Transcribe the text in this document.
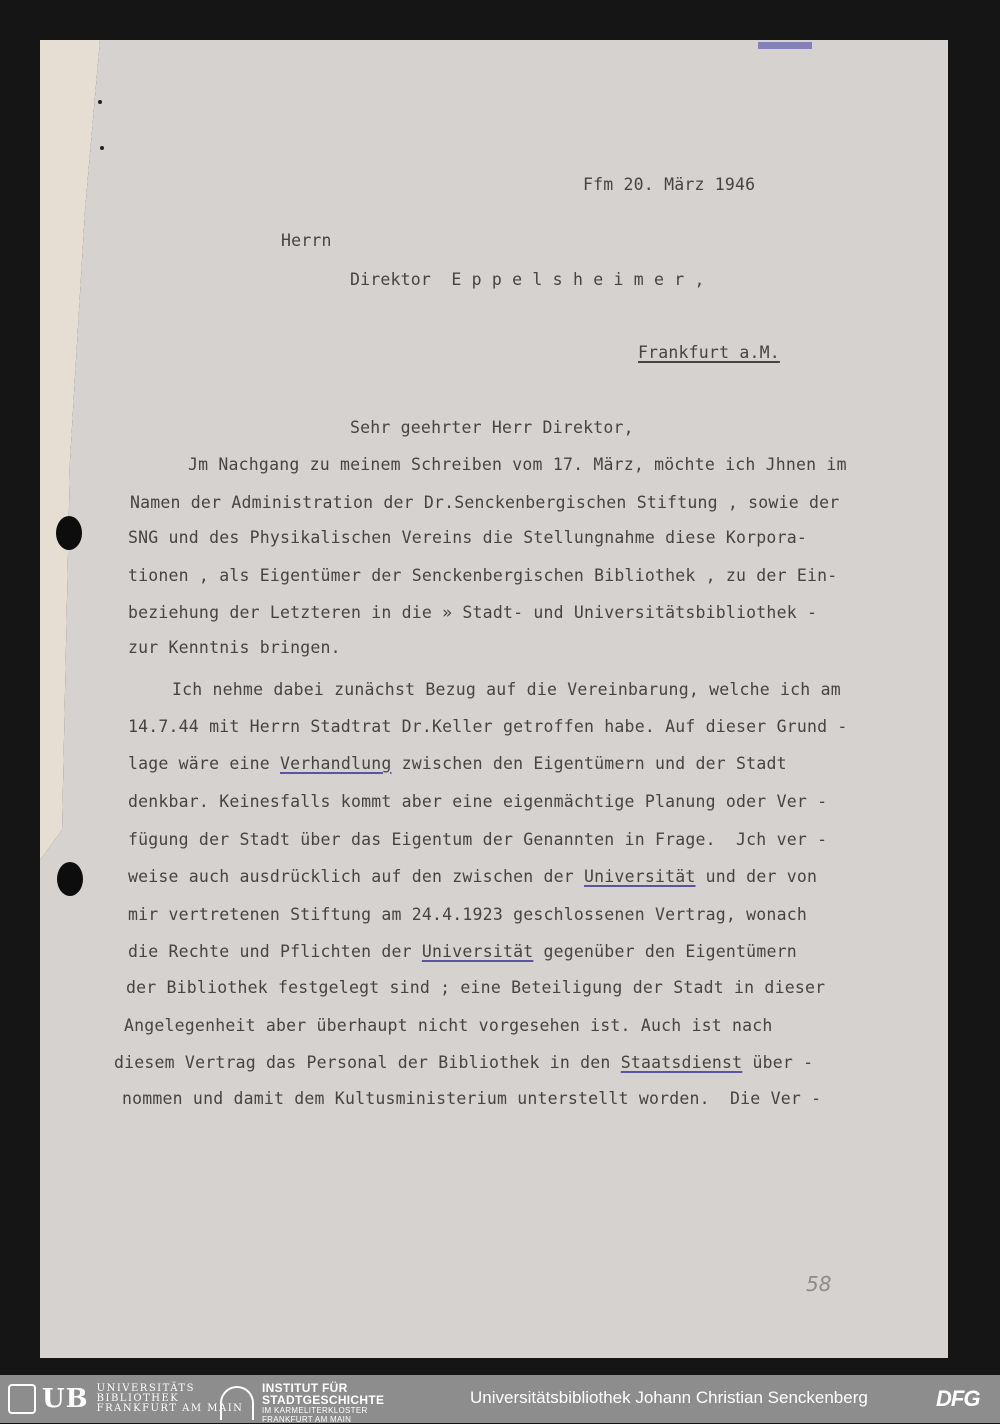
Ffm 20. März 1946

Herrn

Direktor  E p p e l s h e i m e r ,

Frankfurt a.M.

Sehr geehrter Herr Direktor,

Jm Nachgang zu meinem Schreiben vom 17. März, möchte ich Jhnen im

Namen der Administration der Dr.Senckenbergischen Stiftung , sowie der

SNG und des Physikalischen Vereins die Stellungnahme diese Korpora-

tionen , als Eigentümer der Senckenbergischen Bibliothek , zu der Ein-

beziehung der Letzteren in die » Stadt- und Universitätsbibliothek -

zur Kenntnis bringen.

Ich nehme dabei zunächst Bezug auf die Vereinbarung, welche ich am

14.7.44 mit Herrn Stadtrat Dr.Keller getroffen habe. Auf dieser Grund -

lage wäre eine Verhandlung zwischen den Eigentümern und der Stadt

denkbar. Keinesfalls kommt aber eine eigenmächtige Planung oder Ver -

fügung der Stadt über das Eigentum der Genannten in Frage.  Jch ver -

weise auch ausdrücklich auf den zwischen der Universität und der von

mir vertretenen Stiftung am 24.4.1923 geschlossenen Vertrag, wonach

die Rechte und Pflichten der Universität gegenüber den Eigentümern

der Bibliothek festgelegt sind ; eine Beteiligung der Stadt in dieser

Angelegenheit aber überhaupt nicht vorgesehen ist. Auch ist nach

diesem Vertrag das Personal der Bibliothek in den Staatsdienst über -

nommen und damit dem Kultusministerium unterstellt worden.  Die Ver -

58
UB UNIVERSITÄTS
BIBLIOTHEK
FRANKFURT AM MAIN
INSTITUT FÜR
STADTGESCHICHTE
IM KARMELITERKLOSTER
FRANKFURT AM MAIN
Universitätsbibliothek Johann Christian Senckenberg	DFG
